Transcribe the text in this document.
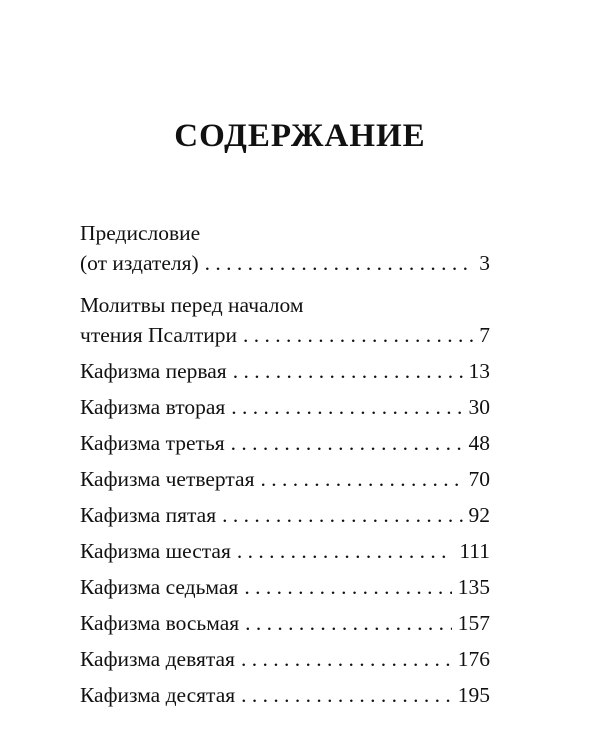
СОДЕРЖАНИЕ
Предисловие
(от издателя) . . .	3
Молитвы перед началом
чтения Псалтири . . .	7
Кафизма первая . . .	13
Кафизма вторая . . .	30
Кафизма третья . . .	48
Кафизма четвертая . . .	70
Кафизма пятая . . .	92
Кафизма шестая . . .	111
Кафизма седьмая . . .	135
Кафизма восьмая . . .	157
Кафизма девятая . . .	176
Кафизма десятая . . .	195
